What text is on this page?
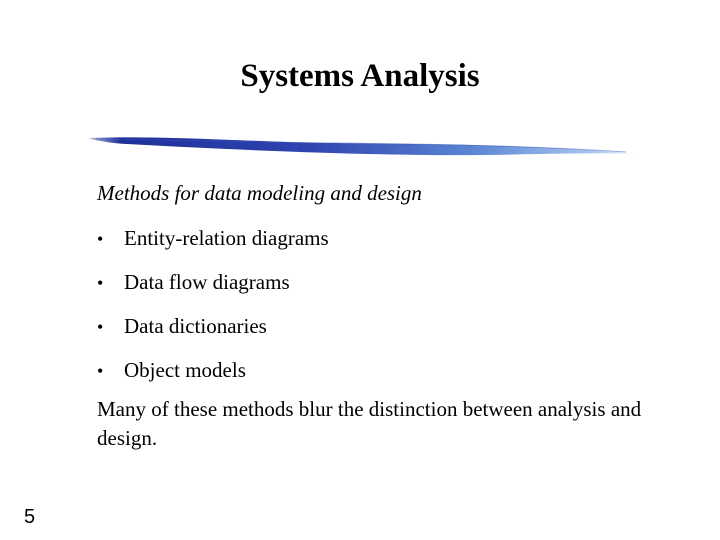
Systems Analysis
Methods for data modeling and design
• Entity-relation diagrams
• Data flow diagrams
• Data dictionaries
• Object models
Many of these methods blur the distinction between analysis and design.
5
